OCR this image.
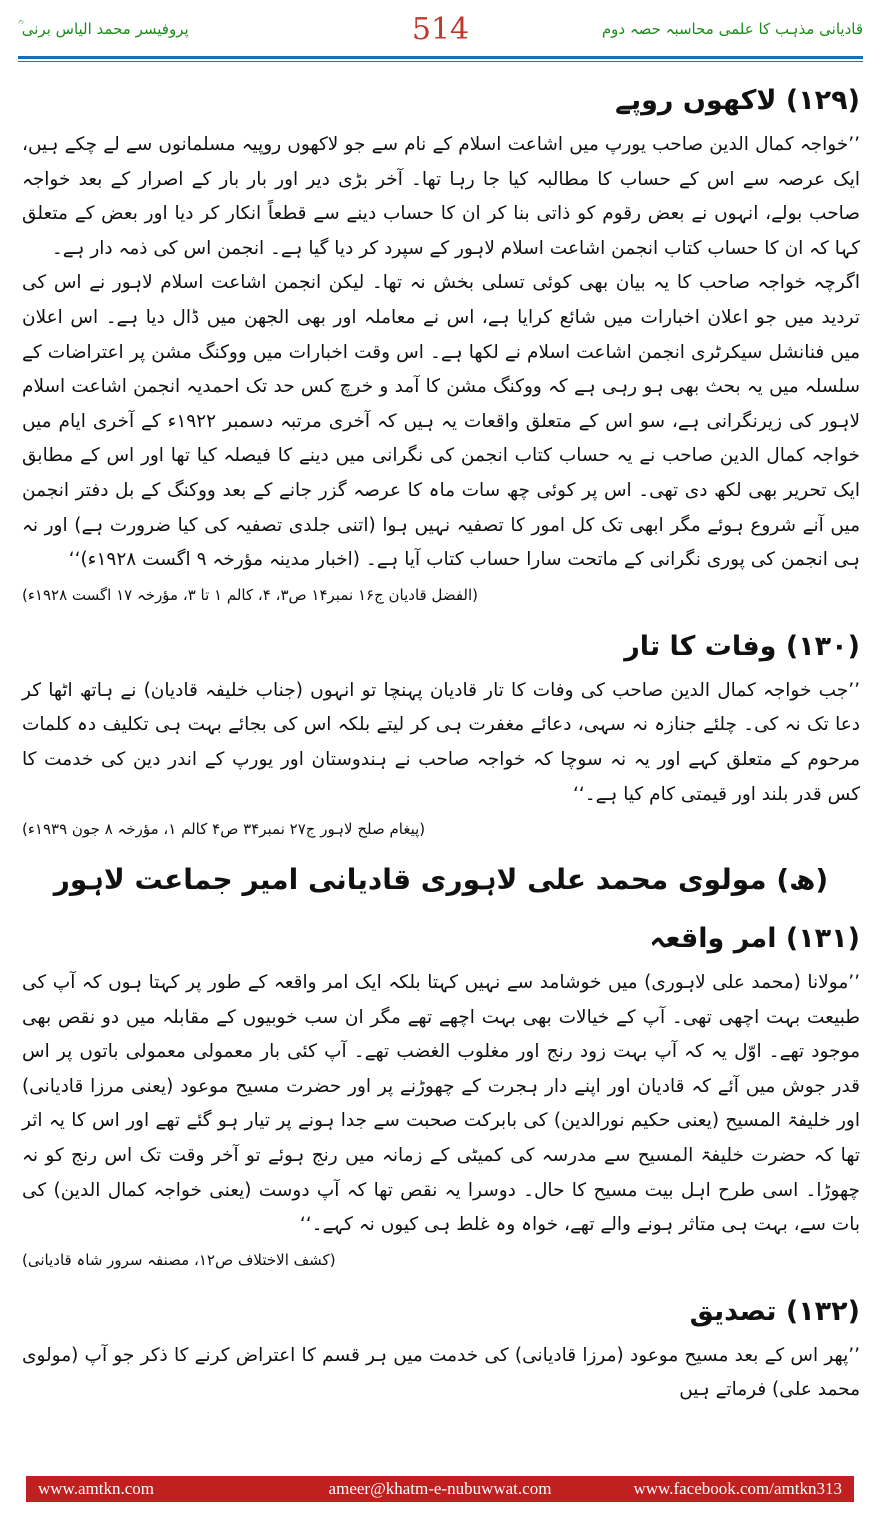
پروفیسر محمد الیاس برنی ؒ	514	قادیانی مذہب کا علمی محاسبہ حصہ دوم
(۱۲۹) لاکھوں روپے

’’خواجہ کمال الدین صاحب یورپ میں اشاعت اسلام کے نام سے جو لاکھوں روپیہ مسلمانوں سے لے چکے ہیں، ایک عرصہ سے اس کے حساب کا مطالبہ کیا جا رہا تھا۔ آخر بڑی دیر اور بار بار کے اصرار کے بعد خواجہ صاحب بولے، انہوں نے بعض رقوم کو ذاتی بنا کر ان کا حساب دینے سے قطعاً انکار کر دیا اور بعض کے متعلق کہا کہ ان کا حساب کتاب انجمن اشاعت اسلام لاہور کے سپرد کر دیا گیا ہے۔ انجمن اس کی ذمہ دار ہے۔

اگرچہ خواجہ صاحب کا یہ بیان بھی کوئی تسلی بخش نہ تھا۔ لیکن انجمن اشاعت اسلام لاہور نے اس کی تردید میں جو اعلان اخبارات میں شائع کرایا ہے، اس نے معاملہ اور بھی الجھن میں ڈال دیا ہے۔ اس اعلان میں فنانشل سیکرٹری انجمن اشاعت اسلام نے لکھا ہے۔ اس وقت اخبارات میں ووکنگ مشن پر اعتراضات کے سلسلہ میں یہ بحث بھی ہو رہی ہے کہ ووکنگ مشن کا آمد و خرچ کس حد تک احمدیہ انجمن اشاعت اسلام لاہور کی زیرنگرانی ہے، سو اس کے متعلق واقعات یہ ہیں کہ آخری مرتبہ دسمبر ۱۹۲۲ء کے آخری ایام میں خواجہ کمال الدین صاحب نے یہ حساب کتاب انجمن کی نگرانی میں دینے کا فیصلہ کیا تھا اور اس کے مطابق ایک تحریر بھی لکھ دی تھی۔ اس پر کوئی چھ سات ماہ کا عرصہ گزر جانے کے بعد ووکنگ کے بل دفتر انجمن میں آنے شروع ہوئے مگر ابھی تک کل امور کا تصفیہ نہیں ہوا (اتنی جلدی تصفیہ کی کیا ضرورت ہے) اور نہ ہی انجمن کی پوری نگرانی کے ماتحت سارا حساب کتاب آیا ہے۔ (اخبار مدینہ مؤرخہ ۹ اگست ۱۹۲۸ء)‘‘

(الفضل قادیان ج۱۶ نمبر۱۴ ص۳، ۴، کالم ۱ تا ۳، مؤرخہ ۱۷ اگست ۱۹۲۸ء)
(۱۳۰) وفات کا تار

’’جب خواجہ کمال الدین صاحب کی وفات کا تار قادیان پہنچا تو انہوں (جناب خلیفہ قادیان) نے ہاتھ اٹھا کر دعا تک نہ کی۔ چلئے جنازہ نہ سہی، دعائے مغفرت ہی کر لیتے بلکہ اس کی بجائے بہت ہی تکلیف دہ کلمات مرحوم کے متعلق کہے اور یہ نہ سوچا کہ خواجہ صاحب نے ہندوستان اور یورپ کے اندر دین کی خدمت کا کس قدر بلند اور قیمتی کام کیا ہے۔‘‘

(پیغام صلح لاہور ج۲۷ نمبر۳۴ ص۴ کالم ۱، مؤرخہ ۸ جون ۱۹۳۹ء)
(ھ) مولوی محمد علی لاہوری قادیانی امیر جماعت لاہور
(۱۳۱) امر واقعہ

’’مولانا (محمد علی لاہوری) میں خوشامد سے نہیں کہتا بلکہ ایک امر واقعہ کے طور پر کہتا ہوں کہ آپ کی طبیعت بہت اچھی تھی۔ آپ کے خیالات بھی بہت اچھے تھے مگر ان سب خوبیوں کے مقابلہ میں دو نقص بھی موجود تھے۔ اوّل یہ کہ آپ بہت زود رنج اور مغلوب الغضب تھے۔ آپ کئی بار معمولی معمولی باتوں پر اس قدر جوش میں آئے کہ قادیان اور اپنے دار ہجرت کے چھوڑنے پر اور حضرت مسیح موعود (یعنی مرزا قادیانی) اور خلیفۃ المسیح (یعنی حکیم نورالدین) کی بابرکت صحبت سے جدا ہونے پر تیار ہو گئے تھے اور اس کا یہ اثر تھا کہ حضرت خلیفۃ المسیح سے مدرسہ کی کمیٹی کے زمانہ میں رنج ہوئے تو آخر وقت تک اس رنج کو نہ چھوڑا۔ اسی طرح اہل بیت مسیح کا حال۔ دوسرا یہ نقص تھا کہ آپ دوست (یعنی خواجہ کمال الدین) کی بات سے، بہت ہی متاثر ہونے والے تھے، خواہ وہ غلط ہی کیوں نہ کہے۔‘‘

(کشف الاختلاف ص۱۲، مصنفہ سرور شاہ قادیانی)
(۱۳۲) تصدیق

’’پھر اس کے بعد مسیح موعود (مرزا قادیانی) کی خدمت میں ہر قسم کا اعتراض کرنے کا ذکر جو آپ (مولوی محمد علی) فرماتے ہیں

www.amtkn.com	ameer@khatm-e-nubuwwat.com	www.facebook.com/amtkn313
